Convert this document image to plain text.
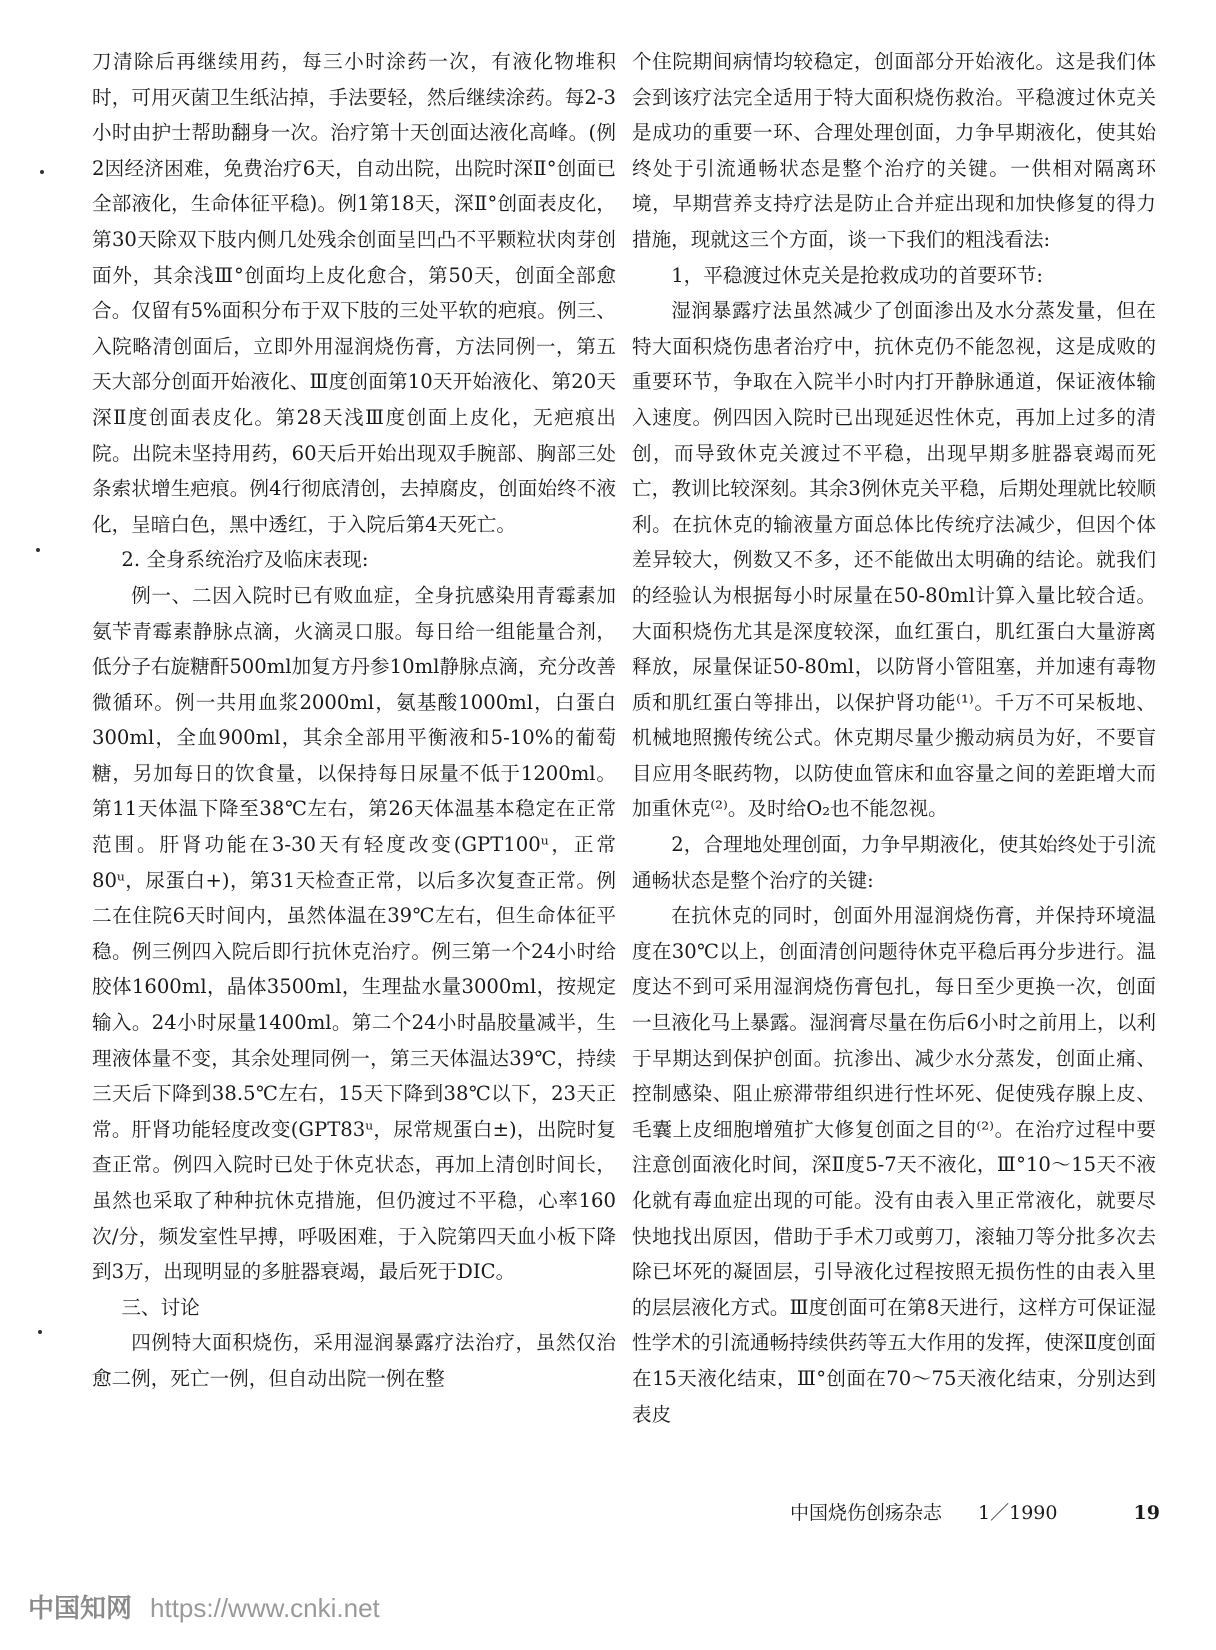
刀清除后再继续用药，每三小时涂药一次，有液化物堆积时，可用灭菌卫生纸沾掉，手法要轻，然后继续涂药。每2-3小时由护士帮助翻身一次。治疗第十天创面达液化高峰。(例2因经济困难，免费治疗6天，自动出院，出院时深Ⅱ°创面已全部液化，生命体征平稳)。例1第18天，深Ⅱ°创面表皮化，第30天除双下肢内侧几处残余创面呈凹凸不平颗粒状肉芽创面外，其余浅Ⅲ°创面均上皮化愈合，第50天，创面全部愈合。仅留有5%面积分布于双下肢的三处平软的疤痕。例三、入院略清创面后，立即外用湿润烧伤膏，方法同例一，第五天大部分创面开始液化、Ⅲ度创面第10天开始液化、第20天深Ⅱ度创面表皮化。第28天浅Ⅲ度创面上皮化，无疤痕出院。出院未坚持用药，60天后开始出现双手腕部、胸部三处条索状增生疤痕。例4行彻底清创，去掉腐皮，创面始终不液化，呈暗白色，黑中透红，于入院后第4天死亡。

2. 全身系统治疗及临床表现:

例一、二因入院时已有败血症，全身抗感染用青霉素加氨苄青霉素静脉点滴，火滴灵口服。每日给一组能量合剂，低分子右旋糖酐500ml加复方丹参10ml静脉点滴，充分改善微循环。例一共用血浆2000ml，氨基酸1000ml，白蛋白300ml，全血900ml，其余全部用平衡液和5-10%的葡萄糖，另加每日的饮食量，以保持每日尿量不低于1200ml。第11天体温下降至38℃左右，第26天体温基本稳定在正常范围。肝肾功能在3-30天有轻度改变(GPT100ᵘ，正常80ᵘ，尿蛋白+)，第31天检查正常，以后多次复查正常。例二在住院6天时间内，虽然体温在39℃左右，但生命体征平稳。例三例四入院后即行抗休克治疗。例三第一个24小时给胶体1600ml，晶体3500ml，生理盐水量3000ml，按规定输入。24小时尿量1400ml。第二个24小时晶胶量减半，生理液体量不变，其余处理同例一，第三天体温达39℃，持续三天后下降到38.5℃左右，15天下降到38℃以下，23天正常。肝肾功能轻度改变(GPT83ᵘ，尿常规蛋白±)，出院时复查正常。例四入院时已处于休克状态，再加上清创时间长，虽然也采取了种种抗休克措施，但仍渡过不平稳，心率160次/分，频发室性早搏，呼吸困难，于入院第四天血小板下降到3万，出现明显的多脏器衰竭，最后死于DIC。

三、讨论

四例特大面积烧伤，采用湿润暴露疗法治疗，虽然仅治愈二例，死亡一例，但自动出院一例在整

个住院期间病情均较稳定，创面部分开始液化。这是我们体会到该疗法完全适用于特大面积烧伤救治。平稳渡过休克关是成功的重要一环、合理处理创面，力争早期液化，使其始终处于引流通畅状态是整个治疗的关键。一供相对隔离环境，早期营养支持疗法是防止合并症出现和加快修复的得力措施，现就这三个方面，谈一下我们的粗浅看法:

1，平稳渡过休克关是抢救成功的首要环节:

湿润暴露疗法虽然减少了创面渗出及水分蒸发量，但在特大面积烧伤患者治疗中，抗休克仍不能忽视，这是成败的重要环节，争取在入院半小时内打开静脉通道，保证液体输入速度。例四因入院时已出现延迟性休克，再加上过多的清创，而导致休克关渡过不平稳，出现早期多脏器衰竭而死亡，教训比较深刻。其余3例休克关平稳，后期处理就比较顺利。在抗休克的输液量方面总体比传统疗法减少，但因个体差异较大，例数又不多，还不能做出太明确的结论。就我们的经验认为根据每小时尿量在50-80ml计算入量比较合适。大面积烧伤尤其是深度较深，血红蛋白，肌红蛋白大量游离释放，尿量保证50-80ml，以防肾小管阻塞，并加速有毒物质和肌红蛋白等排出，以保护肾功能⁽¹⁾。千万不可呆板地、机械地照搬传统公式。休克期尽量少搬动病员为好，不要盲目应用冬眠药物，以防使血管床和血容量之间的差距增大而加重休克⁽²⁾。及时给O₂也不能忽视。

2，合理地处理创面，力争早期液化，使其始终处于引流通畅状态是整个治疗的关键:

在抗休克的同时，创面外用湿润烧伤膏，并保持环境温度在30℃以上，创面清创问题待休克平稳后再分步进行。温度达不到可采用湿润烧伤膏包扎，每日至少更换一次，创面一旦液化马上暴露。湿润膏尽量在伤后6小时之前用上，以利于早期达到保护创面。抗渗出、减少水分蒸发，创面止痛、控制感染、阻止瘀滞带组织进行性坏死、促使残存腺上皮、毛囊上皮细胞增殖扩大修复创面之目的⁽²⁾。在治疗过程中要注意创面液化时间，深Ⅱ度5-7天不液化，Ⅲ°10～15天不液化就有毒血症出现的可能。没有由表入里正常液化，就要尽快地找出原因，借助于手术刀或剪刀，滚轴刀等分批多次去除已坏死的凝固层，引导液化过程按照无损伤性的由表入里的层层液化方式。Ⅲ度创面可在第8天进行，这样方可保证湿性学术的引流通畅持续供药等五大作用的发挥，使深Ⅱ度创面在15天液化结束，Ⅲ°创面在70～75天液化结束，分别达到表皮

中国烧伤创疡杂志 1／1990	19
中国知网 https://www.cnki.net
